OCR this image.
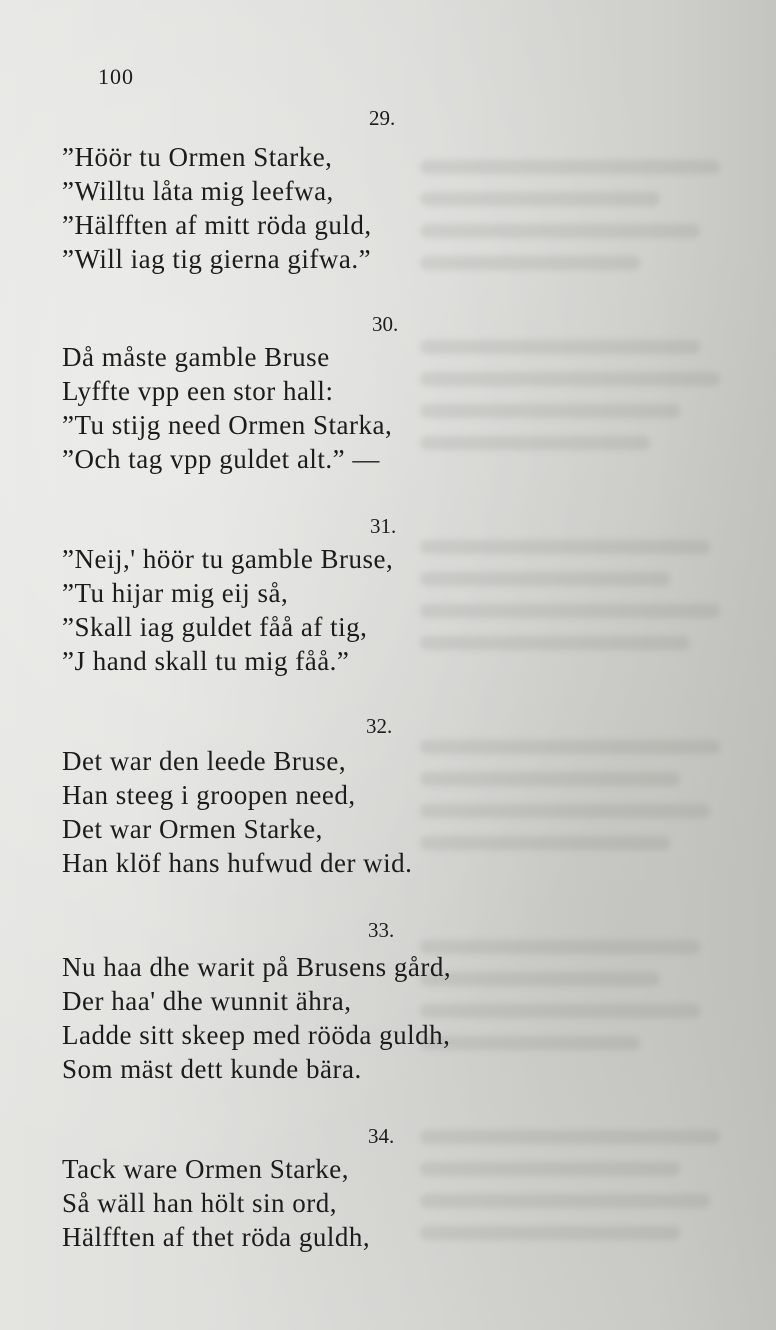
100
29.
”Höör tu Ormen Starke,
”Willtu låta mig leefwa,
”Hälfften af mitt röda guld,
”Will iag tig gierna gifwa.”
30.
Då måste gamble Bruse
Lyffte vpp een stor hall:
”Tu stijg need Ormen Starka,
”Och tag vpp guldet alt.” —
31.
”Neij,' höör tu gamble Bruse,
”Tu hijar mig eij så,
”Skall iag guldet fåå af tig,
”J hand skall tu mig fåå.”
32.
Det war den leede Bruse,
Han steeg i groopen need,
Det war Ormen Starke,
Han klöf hans hufwud der wid.
33.
Nu haa dhe warit på Brusens gård,
Der haa' dhe wunnit ähra,
Ladde sitt skeep med rööda guldh,
Som mäst dett kunde bära.
34.
Tack ware Ormen Starke,
Så wäll han hölt sin ord,
Hälfften af thet röda guldh,
